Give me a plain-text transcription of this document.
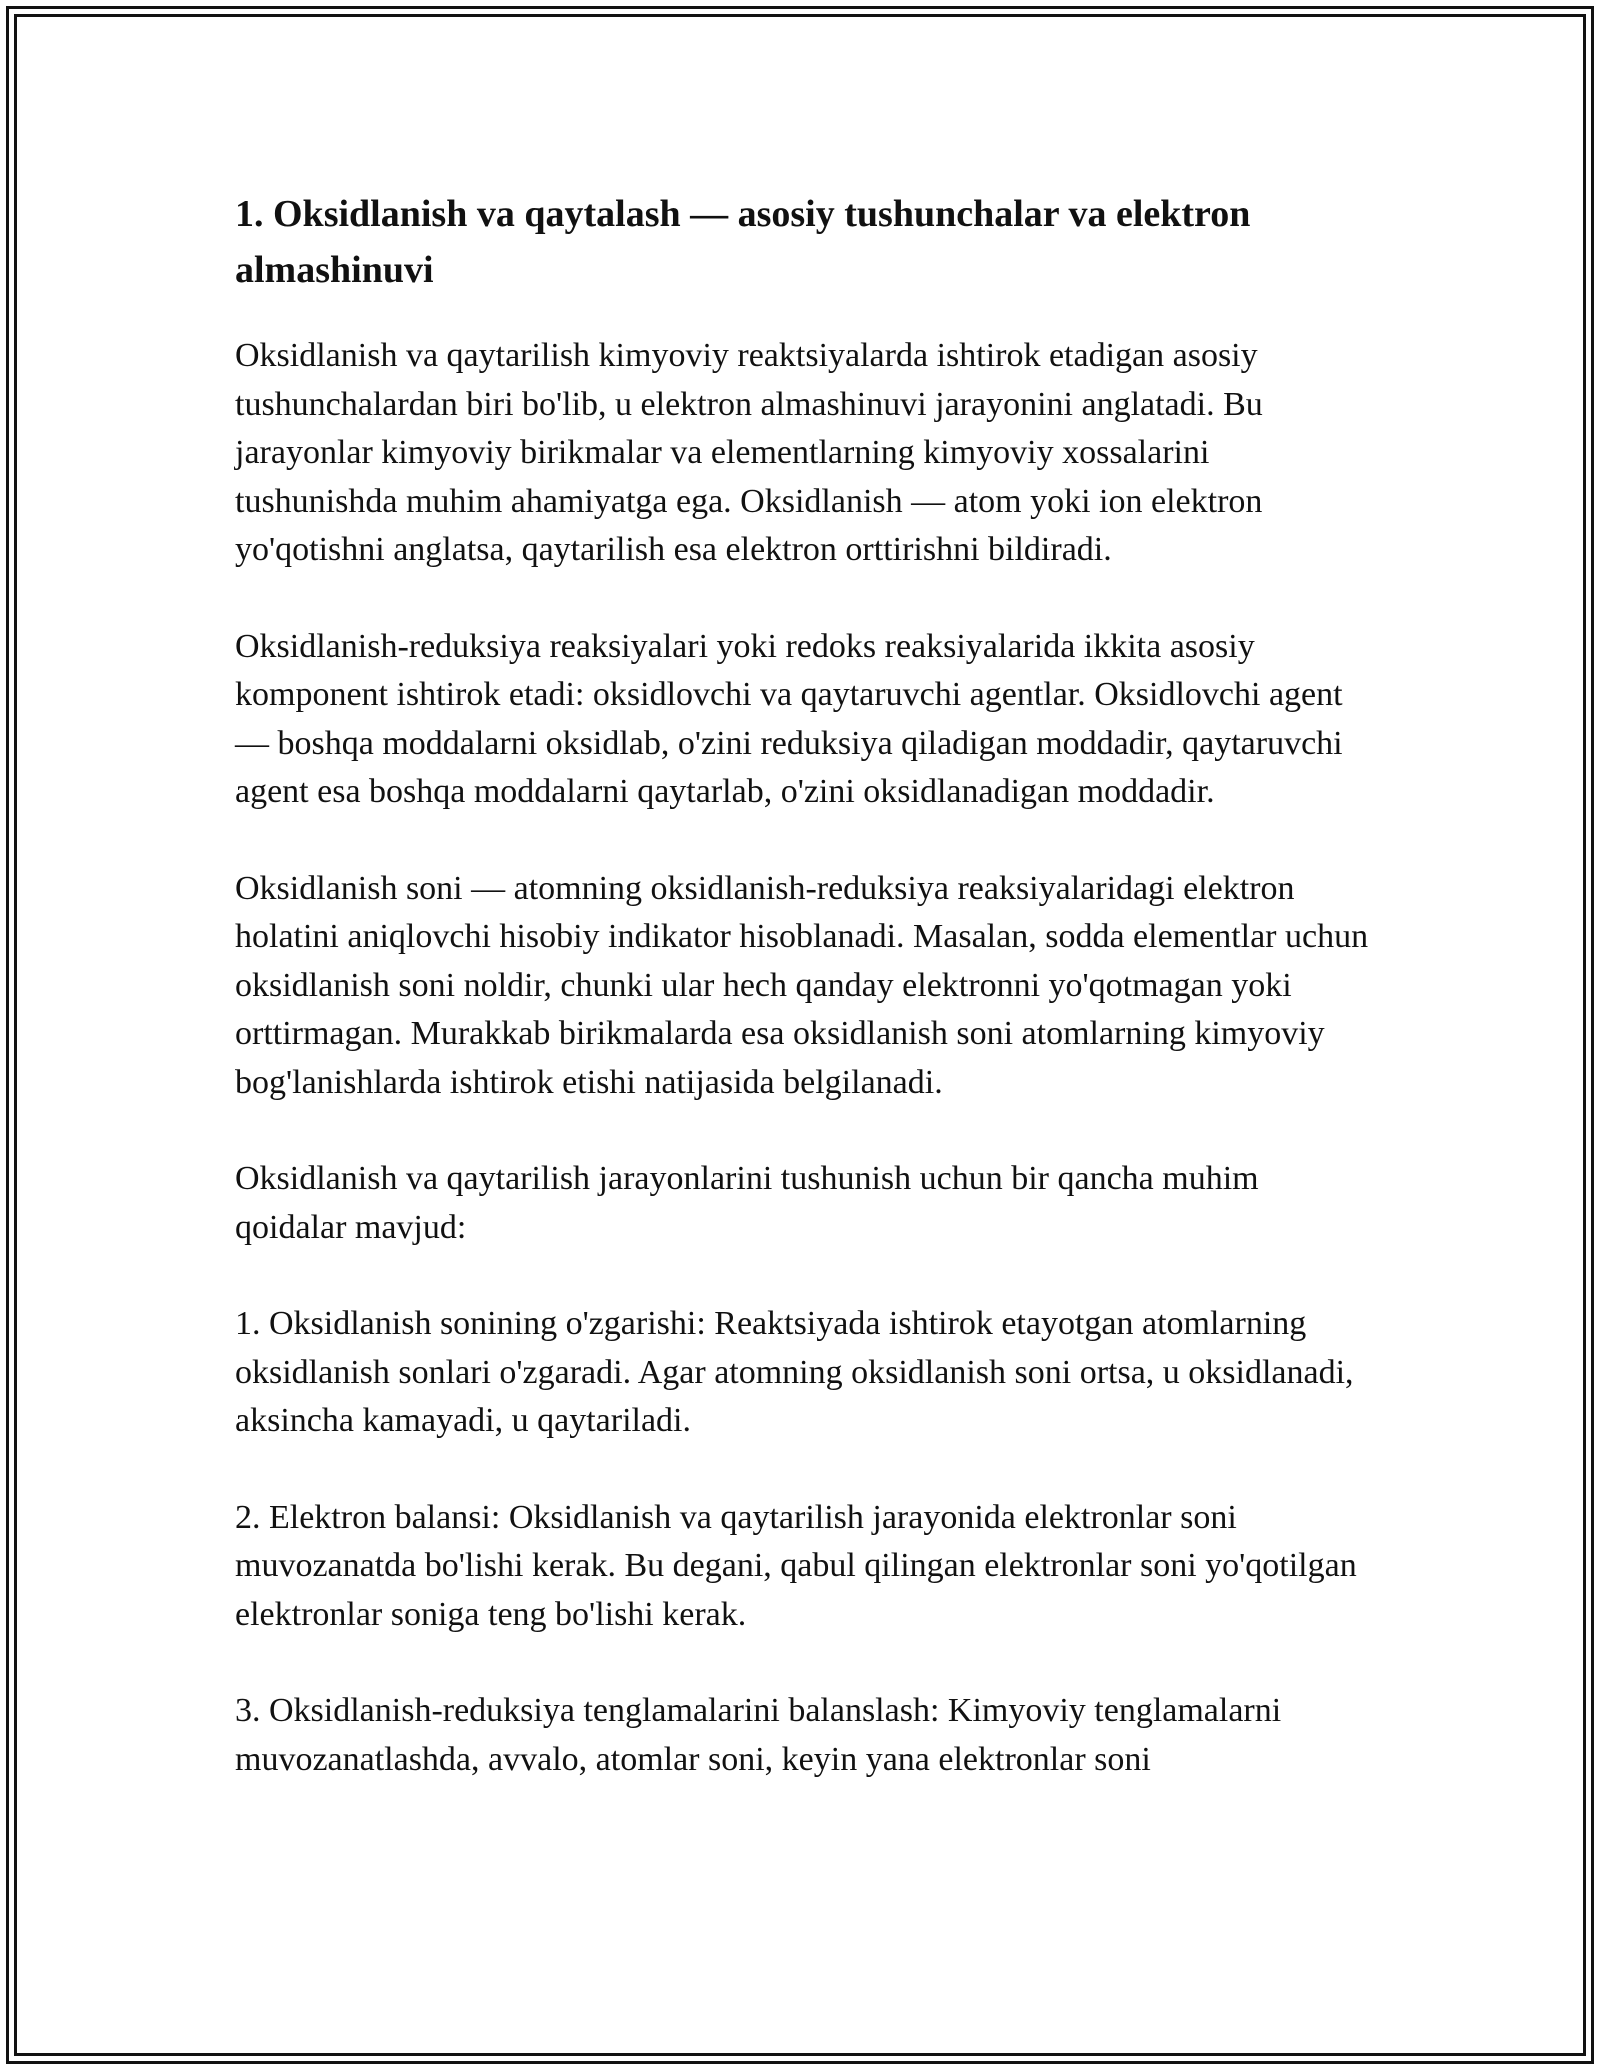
1. Oksidlanish va qaytalash — asosiy tushunchalar va elektron almashinuvi

Oksidlanish va qaytarilish kimyoviy reaktsiyalarda ishtirok etadigan asosiy tushunchalardan biri bo'lib, u elektron almashinuvi jarayonini anglatadi. Bu jarayonlar kimyoviy birikmalar va elementlarning kimyoviy xossalarini tushunishda muhim ahamiyatga ega. Oksidlanish — atom yoki ion elektron yo'qotishni anglatsa, qaytarilish esa elektron orttirishni bildiradi.

Oksidlanish-reduksiya reaksiyalari yoki redoks reaksiyalarida ikkita asosiy komponent ishtirok etadi: oksidlovchi va qaytaruvchi agentlar. Oksidlovchi agent — boshqa moddalarni oksidlab, o'zini reduksiya qiladigan moddadir, qaytaruvchi agent esa boshqa moddalarni qaytarlab, o'zini oksidlanadigan moddadir.

Oksidlanish soni — atomning oksidlanish-reduksiya reaksiyalaridagi elektron holatini aniqlovchi hisobiy indikator hisoblanadi. Masalan, sodda elementlar uchun oksidlanish soni noldir, chunki ular hech qanday elektronni yo'qotmagan yoki orttirmagan. Murakkab birikmalarda esa oksidlanish soni atomlarning kimyoviy bog'lanishlarda ishtirok etishi natijasida belgilanadi.

Oksidlanish va qaytarilish jarayonlarini tushunish uchun bir qancha muhim qoidalar mavjud:

1. Oksidlanish sonining o'zgarishi: Reaktsiyada ishtirok etayotgan atomlarning oksidlanish sonlari o'zgaradi. Agar atomning oksidlanish soni ortsa, u oksidlanadi, aksincha kamayadi, u qaytariladi.

2. Elektron balansi: Oksidlanish va qaytarilish jarayonida elektronlar soni muvozanatda bo'lishi kerak. Bu degani, qabul qilingan elektronlar soni yo'qotilgan elektronlar soniga teng bo'lishi kerak.

3. Oksidlanish-reduksiya tenglamalarini balanslash: Kimyoviy tenglamalarni muvozanatlashda, avvalo, atomlar soni, keyin yana elektronlar soni
